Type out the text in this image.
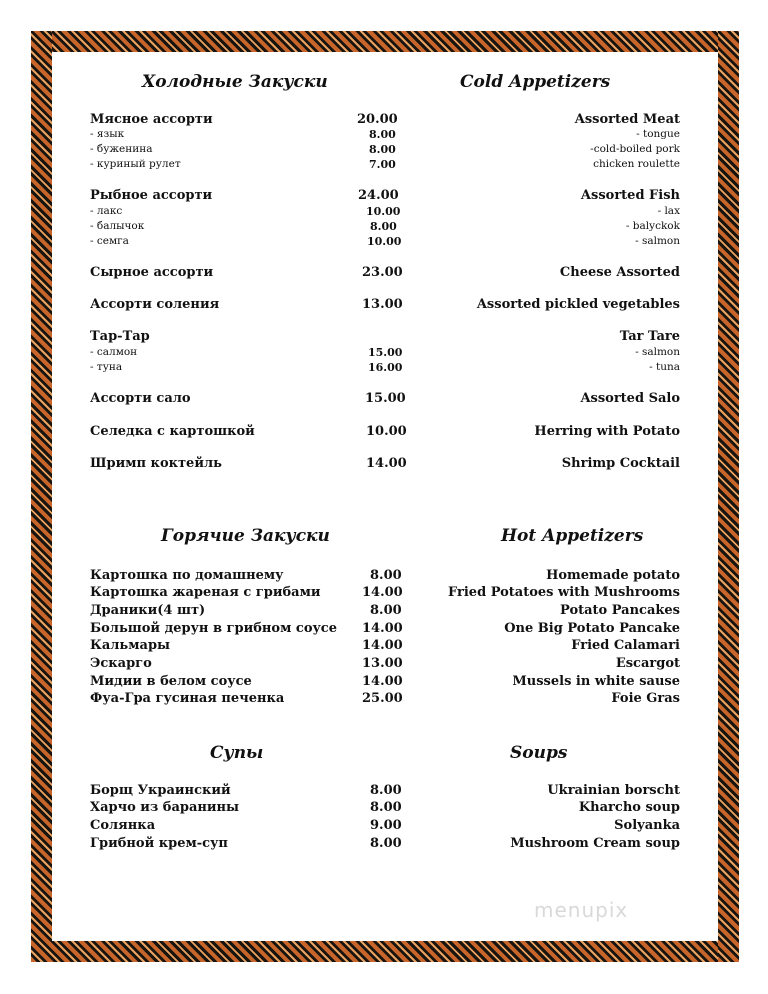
Холодные Закуски	Cold Appetizers
Горячие Закуски	Hot Appetizers
Супы	Soups
Мясное ассорти	20.00	Assorted Meat
- язык	8.00	- tongue
- буженина	8.00	-cold-boiled pork
- куриный рулет	7.00	chicken roulette
Рыбное ассорти	24.00	Assorted Fish
- лакс	10.00	- lax
- балычок	8.00	- balyckok
- семга	10.00	- salmon
Сырное ассорти	23.00	Cheese Assorted
Ассорти соления	13.00	Assorted pickled vegetables
Тар-Тар	Tar Tare
- салмон	15.00	- salmon
- туна	16.00	- tuna
Ассорти сало	15.00	Assorted Salo
Селедка с картошкой	10.00	Herring with Potato
Шримп коктейль	14.00	Shrimp Cocktail
Картошка по домашнему	8.00	Homemade potato
Картошка жареная с грибами	14.00	Fried Potatoes with Mushrooms
Драники(4 шт)	8.00	Potato Pancakes
Большой дерун в грибном соусе 14.00	One Big Potato Pancake
Кальмары	14.00	Fried Calamari
Эскарго	13.00	Escargot
Мидии в белом соусе	14.00	Mussels in white sause
Фуа-Гра гусиная печенка	25.00	Foie Gras
Борщ Украинский	8.00	Ukrainian borscht
Харчо из баранины	8.00	Kharcho soup
Солянка	9.00	Solyanka
Грибной крем-суп	8.00	Mushroom Cream soup
menupix
